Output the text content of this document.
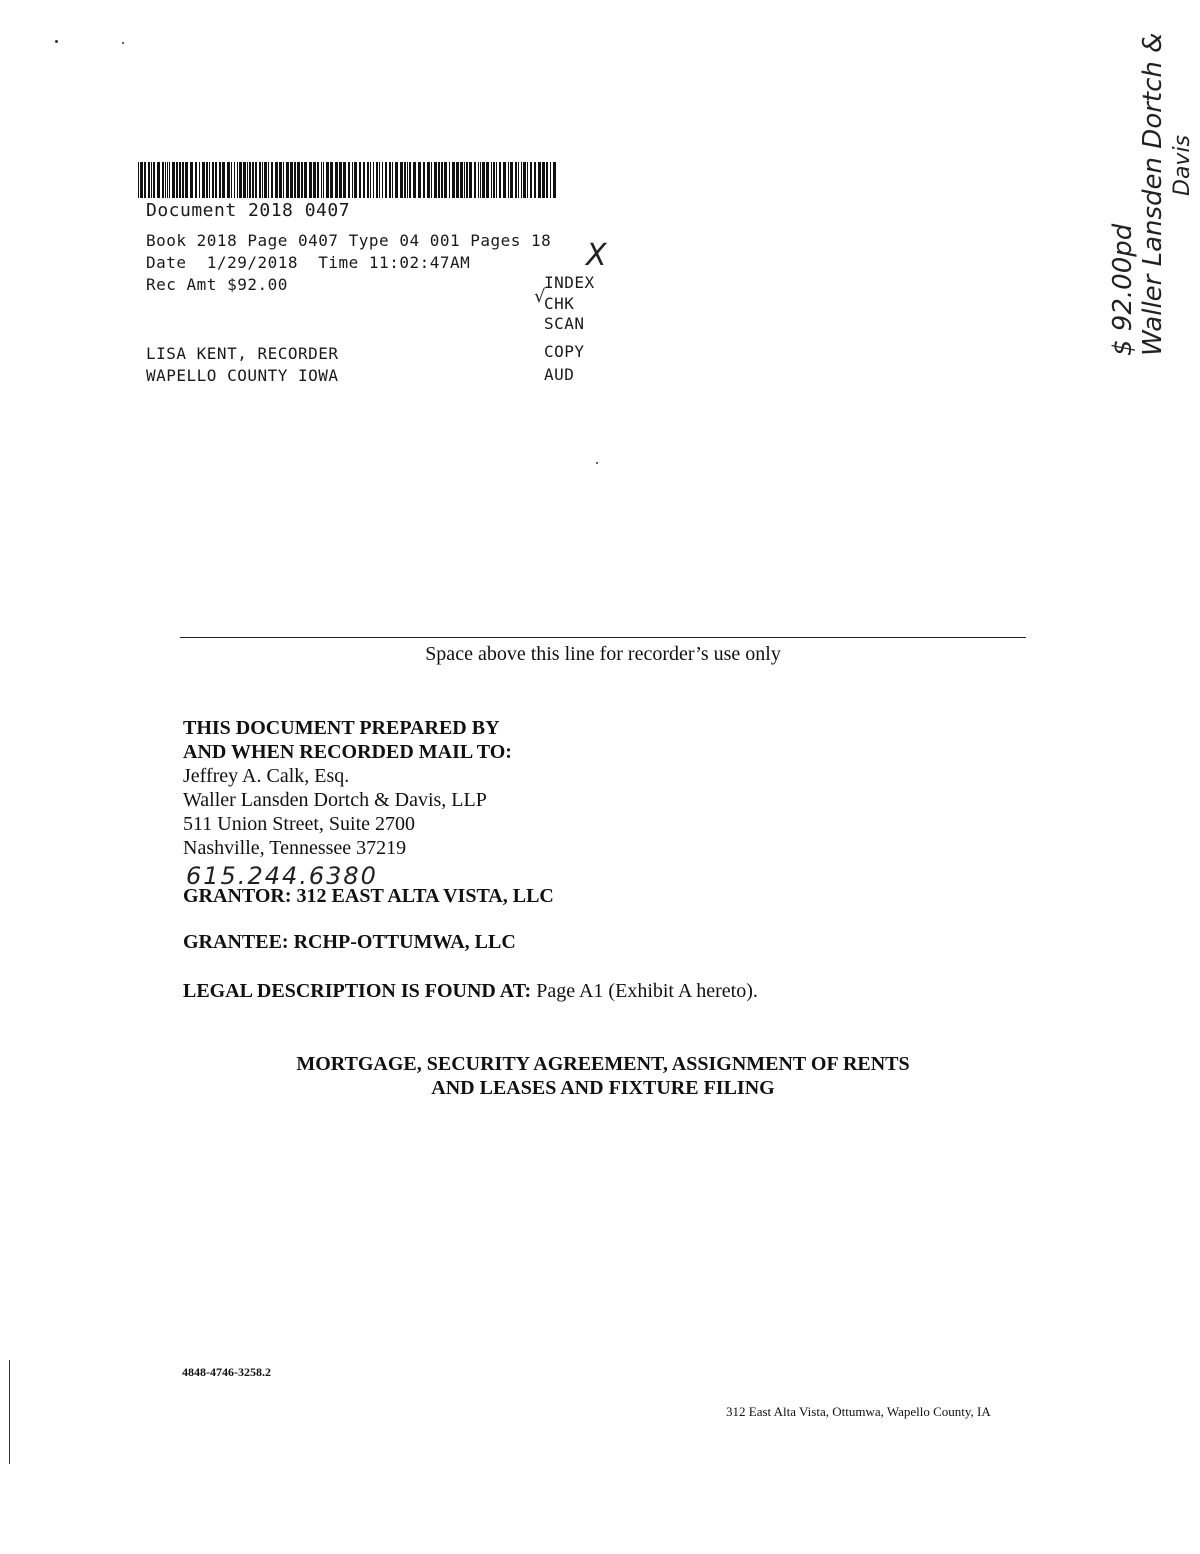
Document 2018 0407
Book 2018 Page 0407 Type 04 001 Pages 18
Date  1/29/2018  Time 11:02:47AM
Rec Amt $92.00
LISA KENT, RECORDER
WAPELLO COUNTY IOWA
INDEX
CHK
SCAN
COPY
AUD
X
√	$ 92.00pd Waller Lansden Dortch & Davis
Space above this line for recorder’s use only
THIS DOCUMENT PREPARED BY
AND WHEN RECORDED MAIL TO:
Jeffrey A. Calk, Esq.
Waller Lansden Dortch & Davis, LLP
511 Union Street, Suite 2700
Nashville, Tennessee 37219
615.244.6380
GRANTOR: 312 EAST ALTA VISTA, LLC
GRANTEE: RCHP-OTTUMWA, LLC
LEGAL DESCRIPTION IS FOUND AT: Page A1 (Exhibit A hereto).
MORTGAGE, SECURITY AGREEMENT, ASSIGNMENT OF RENTS
AND LEASES AND FIXTURE FILING
4848-4746-3258.2
312 East Alta Vista, Ottumwa, Wapello County, IA
